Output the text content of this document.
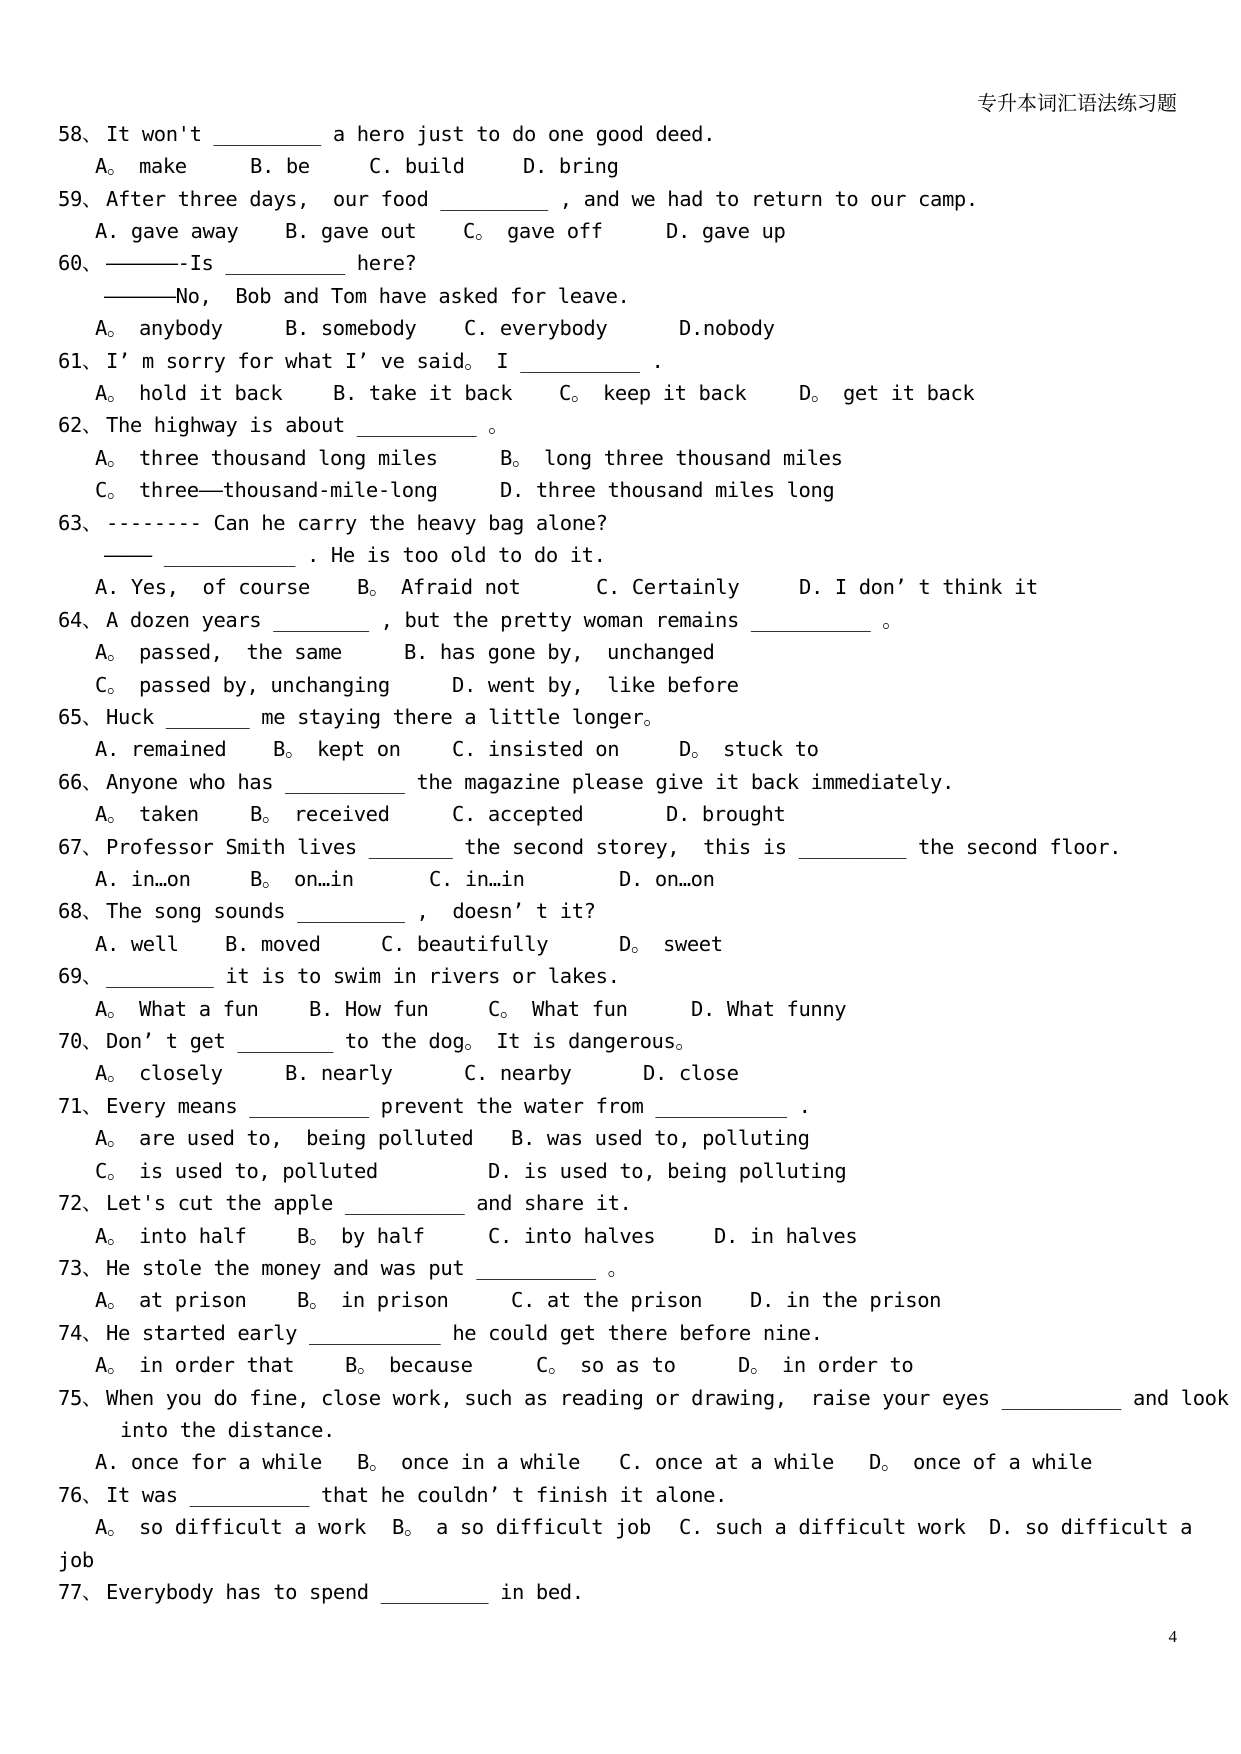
专升本词汇语法练习题
58、 It won't _________ a hero just to do one good deed.
A。 make	B. be	C. build	D. bring
59、 After three days,  our food _________ , and we had to return to our camp.
A. gave away B. gave out C。 gave off	D. gave up
60、 ——————-Is __________ here?
——————No,  Bob and Tom have asked for leave.
A。 anybody	B. somebody C. everybody	D.nobody
61、 I’ m sorry for what I’ ve said。 I __________ .
A。 hold it back B. take it back C。 keep it back	D。 get it back
62、 The highway is about __________ 。
A。 three thousand long miles	B。 long three thousand miles
C。 three——thousand-mile-long	D. three thousand miles long
63、 -------- Can he carry the heavy bag alone?
———— ___________ . He is too old to do it.
A. Yes,  of course B。 Afraid not	C. Certainly	D. I don’ t think it
64、 A dozen years ________ , but the pretty woman remains __________ 。
A。 passed,  the same	B. has gone by,  unchanged
C。 passed by, unchanging	D. went by,  like before
65、 Huck _______ me staying there a little longer。
A. remained B。 kept on	C. insisted on	D。 stuck to
66、 Anyone who has __________ the magazine please give it back immediately.
A。 taken	B。 received	C. accepted	D. brought
67、 Professor Smith lives _______ the second storey,  this is _________ the second floor.
A. in…on	B。 on…in	C. in…in	D. on…on
68、 The song sounds _________ ,  doesn’ t it?
A. well B. moved	C. beautifully	D。 sweet
69、 _________ it is to swim in rivers or lakes.
A。 What a fun B. How fun	C。 What fun	D. What funny
70、 Don’ t get ________ to the dog。 It is dangerous。
A。 closely	B. nearly	C. nearby	D. close
71、 Every means __________ prevent the water from ___________ .
A。 are used to,  being polluted B. was used to, polluting
C。 is used to, polluted	D. is used to, being polluting
72、 Let's cut the apple __________ and share it.
A。 into half B。 by half	C. into halves	D. in halves
73、 He stole the money and was put __________ 。
A。 at prison B。 in prison	C. at the prison D. in the prison
74、 He started early ___________ he could get there before nine.
A。 in order that B。 because	C。 so as to	D。 in order to
75、 When you do fine, close work, such as reading or drawing,  raise your eyes __________ and look
into the distance.
A. once for a while B。 once in a while C. once at a while D。 once of a while
76、 It was __________ that he couldn’ t finish it alone.
A。 so difficult a work B。 a so difficult job C. such a difficult work D. so difficult a
job
77、 Everybody has to spend _________ in bed.
4
